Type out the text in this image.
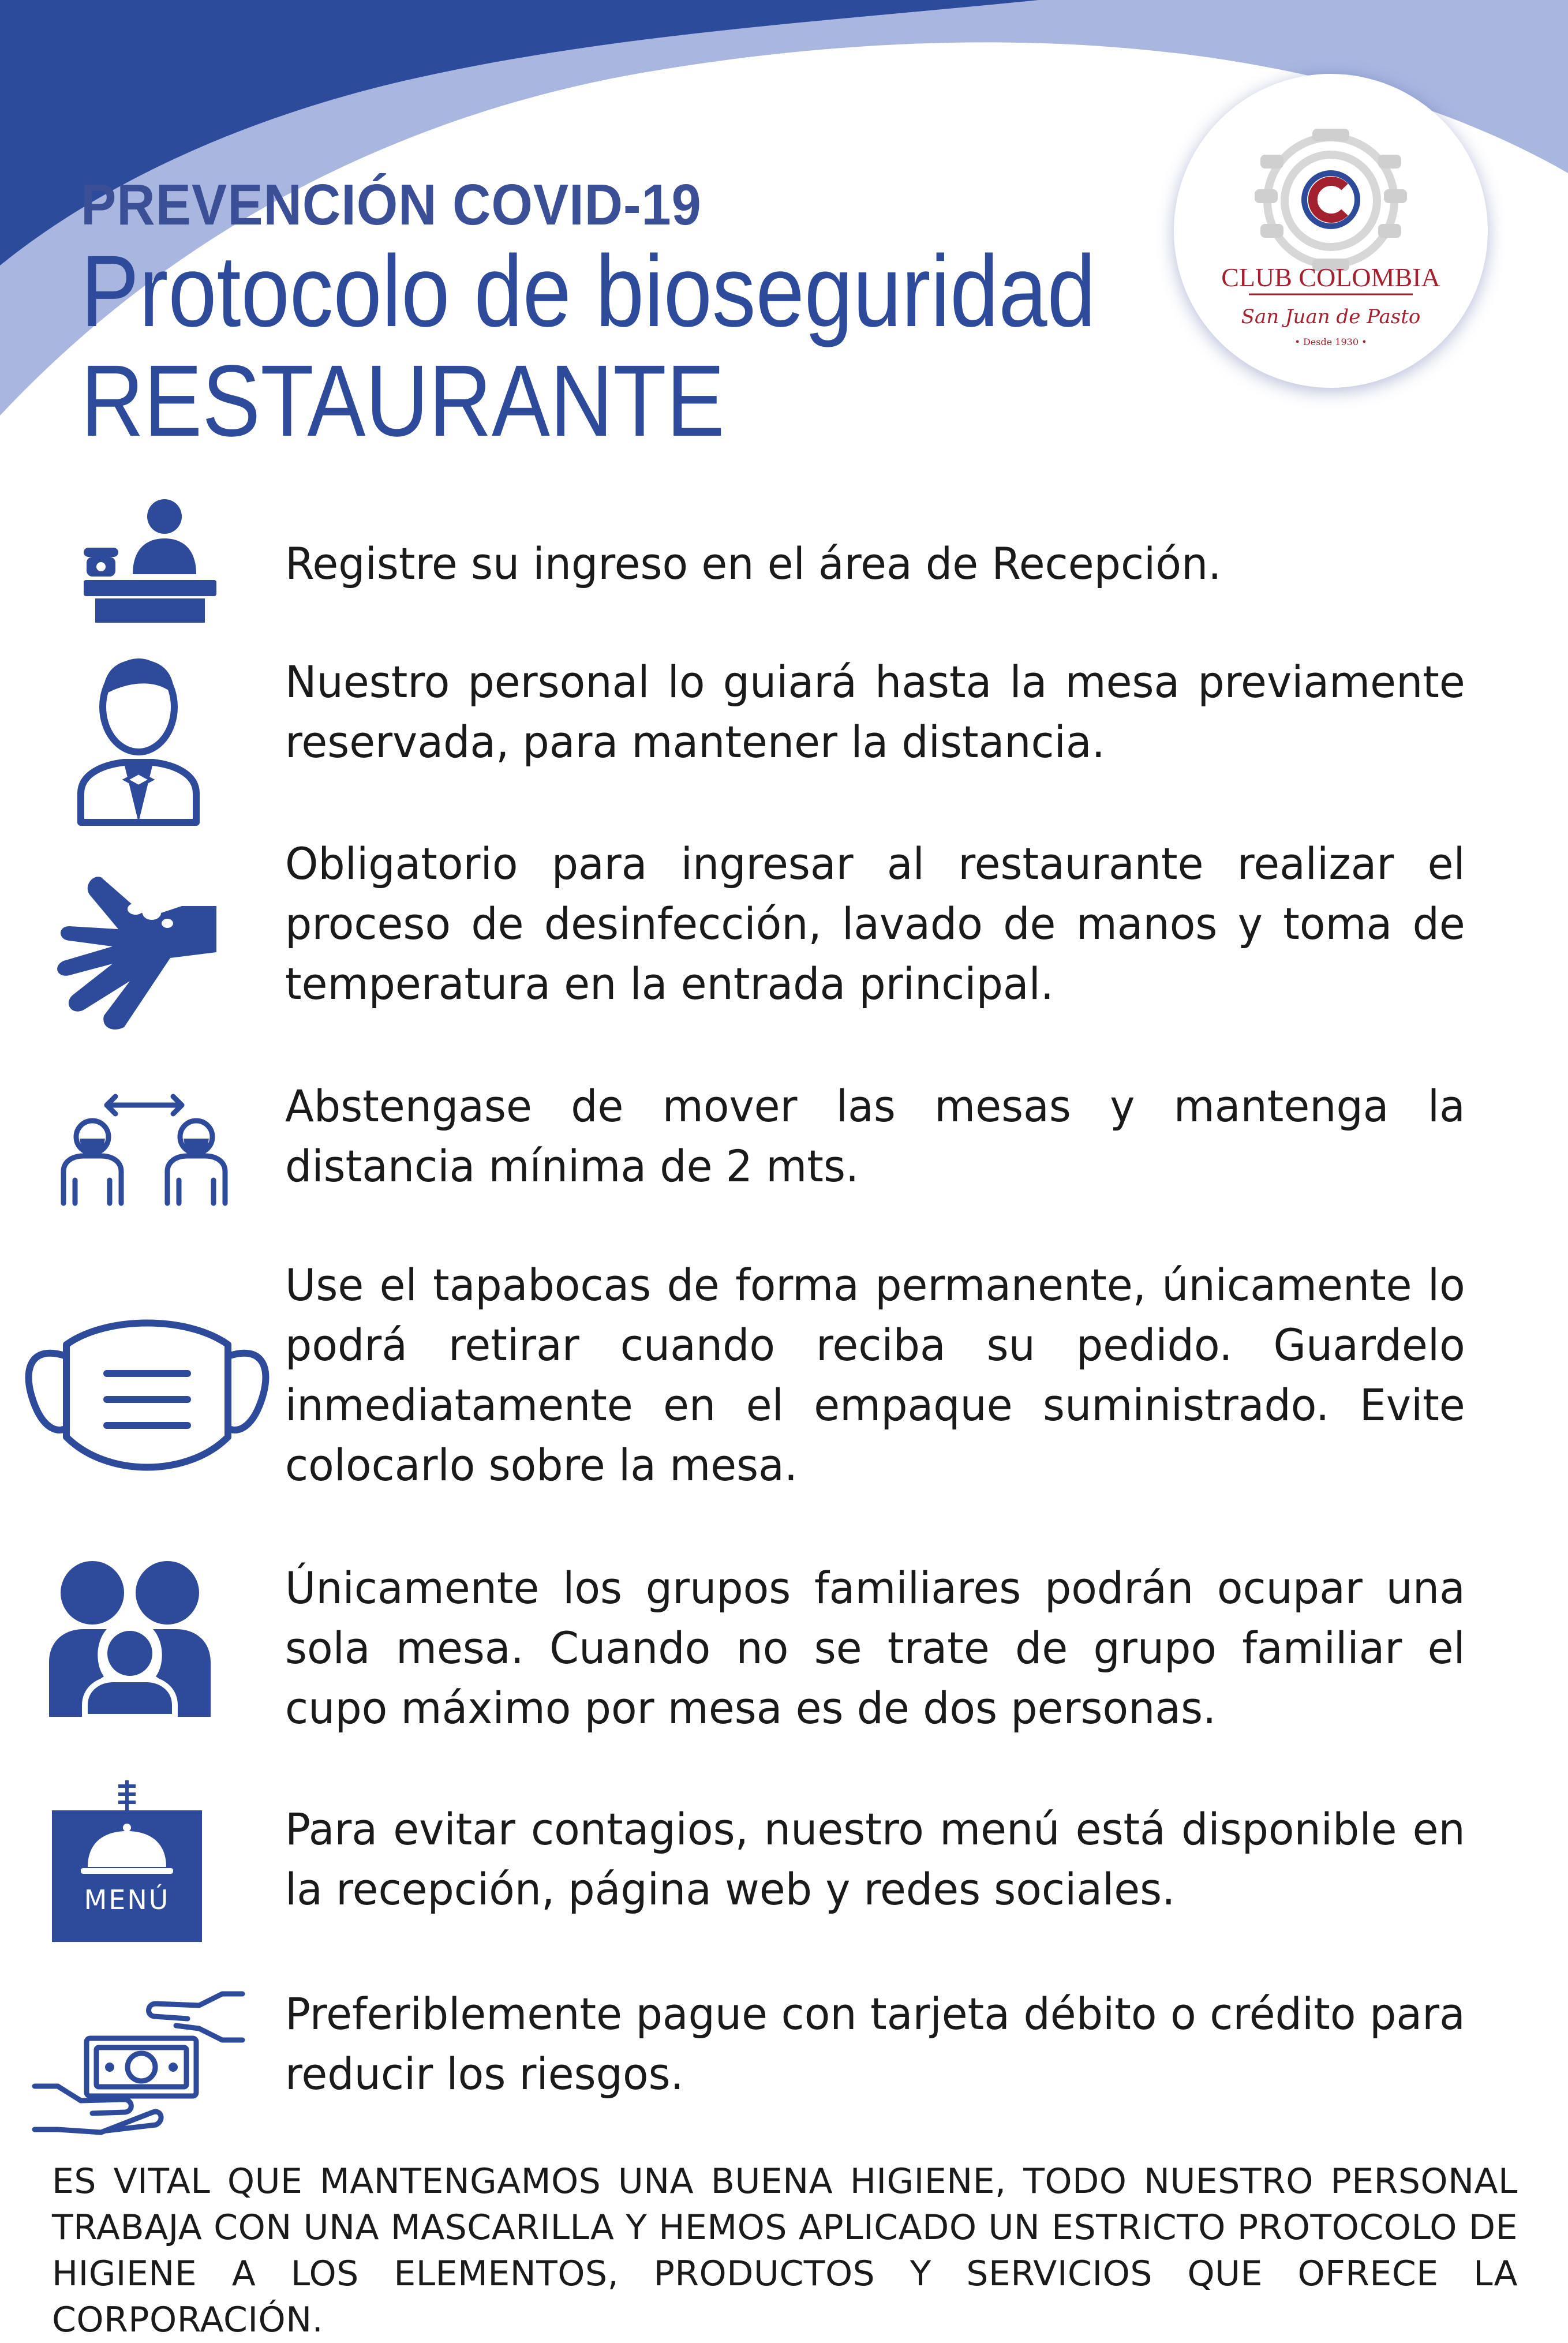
CLUB COLOMBIA
San Juan de Pasto
• Desde 1930 •
PREVENCIÓN COVID-19
Protocolo de bioseguridad
RESTAURANTE
Registre su ingreso en el área de Recepción.
Nuestro personal lo guiará hasta la mesa previamente reservada, para mantener la distancia.
Obligatorio para ingresar al restaurante realizar el proceso de desinfección, lavado de manos y toma de temperatura en la entrada principal.
Abstengase de mover las mesas y mantenga la distancia mínima de 2 mts.
Use el tapabocas de forma permanente, únicamente lo podrá retirar cuando reciba su pedido. Guardelo inmediatamente en el empaque suministrado. Evite colocarlo sobre la mesa.
Únicamente los grupos familiares podrán ocupar una sola mesa. Cuando no se trate de grupo familiar el cupo máximo por mesa es de dos personas.
MENÚ
Para evitar contagios, nuestro menú está disponible en la recepción, página web y redes sociales.
Preferiblemente pague con tarjeta débito o crédito para reducir los riesgos.
ES VITAL QUE MANTENGAMOS UNA BUENA HIGIENE, TODO NUESTRO PERSONAL
TRABAJA CON UNA MASCARILLA Y HEMOS APLICADO UN ESTRICTO PROTOCOLO DE
HIGIENE A LOS ELEMENTOS, PRODUCTOS Y SERVICIOS QUE OFRECE LA CORPORACIÓN.
